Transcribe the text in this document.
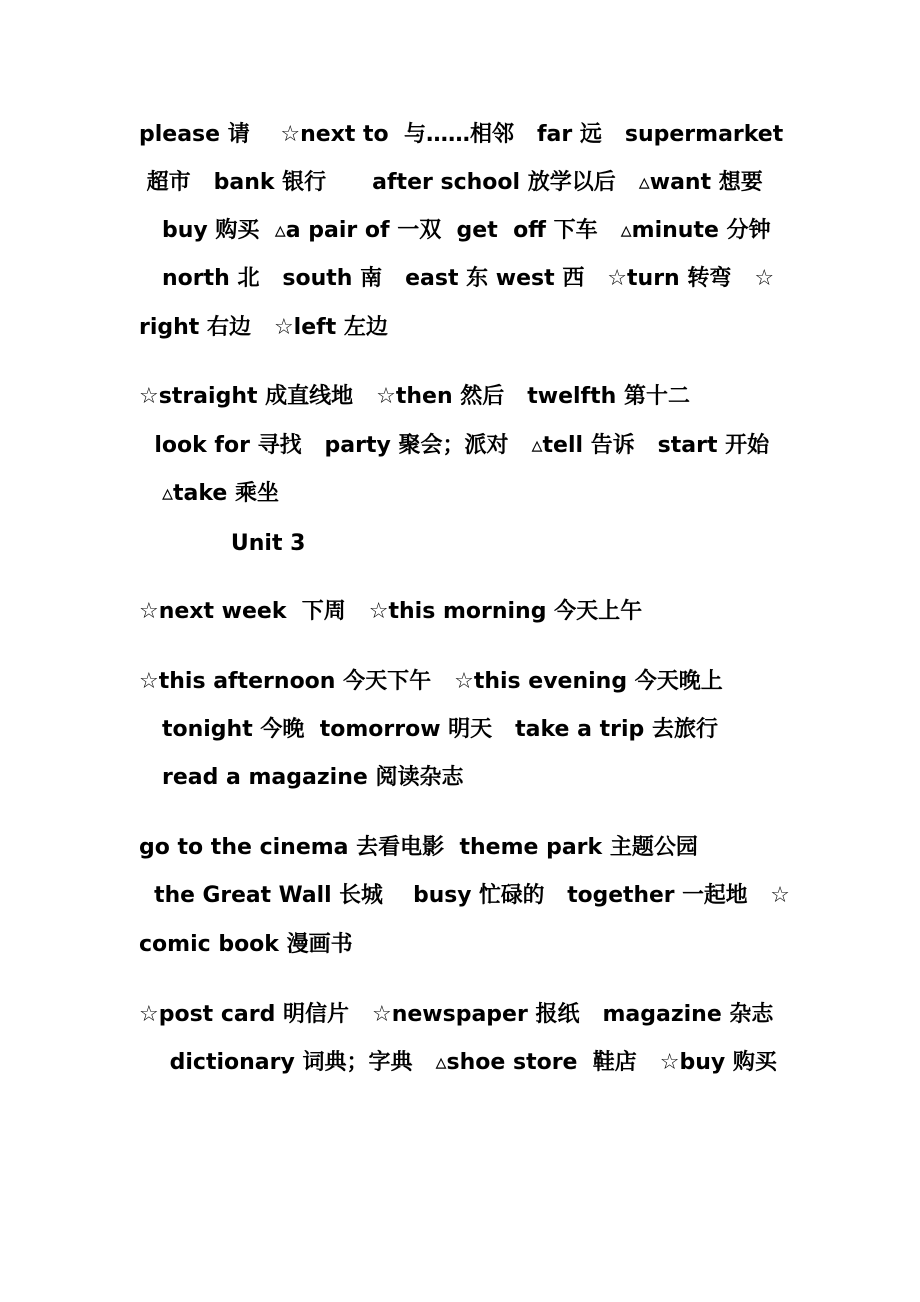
please 请    ☆next to  与……相邻   far 远   supermarket
超市   bank 银行      after school 放学以后   ▵want 想要
buy 购买  ▵a pair of 一双  get  off 下车   ▵minute 分钟
north 北   south 南   east 东 west 西   ☆turn 转弯   ☆
right 右边   ☆left 左边
☆straight 成直线地   ☆then 然后   twelfth 第十二
look for 寻找   party 聚会；派对   ▵tell 告诉   start 开始
▵take 乘坐
Unit 3
☆next week  下周   ☆this morning 今天上午
☆this afternoon 今天下午   ☆this evening 今天晚上
tonight 今晚  tomorrow 明天   take a trip 去旅行
read a magazine 阅读杂志
go to the cinema 去看电影  theme park 主题公园
the Great Wall 长城    busy 忙碌的   together 一起地   ☆
comic book 漫画书
☆post card 明信片   ☆newspaper 报纸   magazine 杂志
dictionary 词典；字典   ▵shoe store  鞋店   ☆buy 购买
